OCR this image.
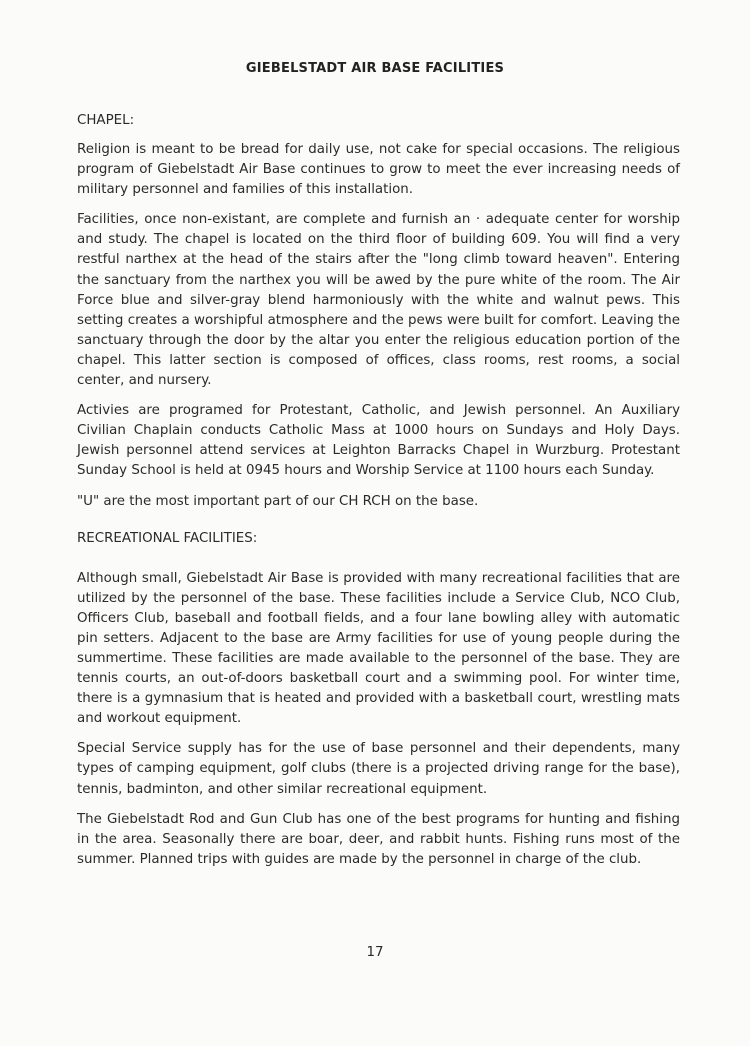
GIEBELSTADT AIR BASE FACILITIES

CHAPEL:

Religion is meant to be bread for daily use, not cake for special occasions. The religious program of Giebelstadt Air Base continues to grow to meet the ever increasing needs of military personnel and families of this installation.

Facilities, once non-existant, are complete and furnish an · adequate center for worship and study. The chapel is located on the third floor of building 609. You will find a very restful narthex at the head of the stairs after the "long climb toward heaven". Entering the sanctuary from the narthex you will be awed by the pure white of the room. The Air Force blue and silver-gray blend harmoniously with the white and walnut pews. This setting creates a worshipful atmosphere and the pews were built for comfort. Leaving the sanctuary through the door by the altar you enter the religious education portion of the chapel. This latter section is composed of offices, class rooms, rest rooms, a social center, and nursery.

Activies are programed for Protestant, Catholic, and Jewish personnel. An Auxiliary Civilian Chaplain conducts Catholic Mass at 1000 hours on Sundays and Holy Days. Jewish personnel attend services at Leighton Barracks Chapel in Wurzburg. Protestant Sunday School is held at 0945 hours and Worship Service at 1100 hours each Sunday.

"U" are the most important part of our CH RCH on the base.

RECREATIONAL FACILITIES:

Although small, Giebelstadt Air Base is provided with many recreational facilities that are utilized by the personnel of the base. These facilities include a Service Club, NCO Club, Officers Club, baseball and football fields, and a four lane bowling alley with automatic pin setters. Adjacent to the base are Army facilities for use of young people during the summertime. These facilities are made available to the personnel of the base. They are tennis courts, an out-of-doors basketball court and a swimming pool. For winter time, there is a gymnasium that is heated and provided with a basketball court, wrestling mats and workout equipment.

Special Service supply has for the use of base personnel and their dependents, many types of camping equipment, golf clubs (there is a projected driving range for the base), tennis, badminton, and other similar recreational equipment.

The Giebelstadt Rod and Gun Club has one of the best programs for hunting and fishing in the area. Seasonally there are boar, deer, and rabbit hunts. Fishing runs most of the summer. Planned trips with guides are made by the personnel in charge of the club.

17
